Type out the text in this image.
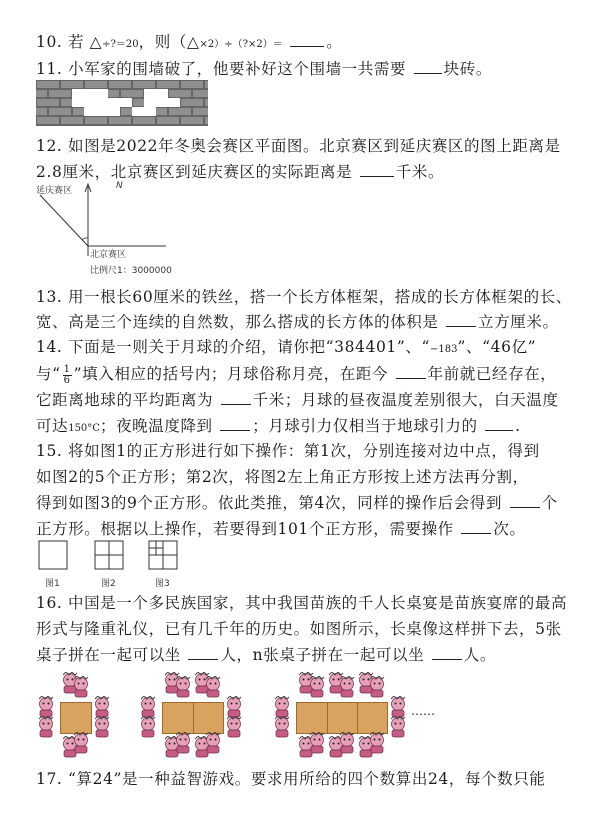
10. 若 △÷?＝20，则（△×2）÷（?×2）＝	。
11. 小军家的围墙破了，他要补好这个围墙一共需要 块砖。
12. 如图是2022年冬奥会赛区平面图。北京赛区到延庆赛区的图上距离是
2.8厘米，北京赛区到延庆赛区的实际距离是	千米。
延庆赛区	N
北京赛区
比例尺1：3000000
13. 用一根长60厘米的铁丝，搭一个长方体框架，搭成的长方体框架的长、
宽、高是三个连续的自然数，那么搭成的长方体的体积是	立方厘米。
14. 下面是一则关于月球的介绍，请你把“384401”、“−183”、“46亿”
与“ $\frac{1}{6}$ ”填入相应的括号内；月球俗称月亮，在距今	年前就已经存在，
它距离地球的平均距离为	千米；月球的昼夜温度差别很大，白天温度
可达150°C；夜晚温度降到	；月球引力仅相当于地球引力的 .
15. 将如图1的正方形进行如下操作：第1次，分别连接对边中点，得到
如图2的5个正方形；第2次，将图2左上角正方形按上述方法再分割，
得到如图3的9个正方形。依此类推，第4次，同样的操作后会得到	个
正方形。根据以上操作，若要得到101个正方形，需要操作	次。
图1	图2	图3
16. 中国是一个多民族国家，其中我国苗族的千人长桌宴是苗族宴席的最高
形式与隆重礼仪，已有几千年的历史。如图所示，长桌像这样拼下去，5张
桌子拼在一起可以坐	人，n张桌子拼在一起可以坐	人。
……
17. “算24”是一种益智游戏。要求用所给的四个数算出24，每个数只能
